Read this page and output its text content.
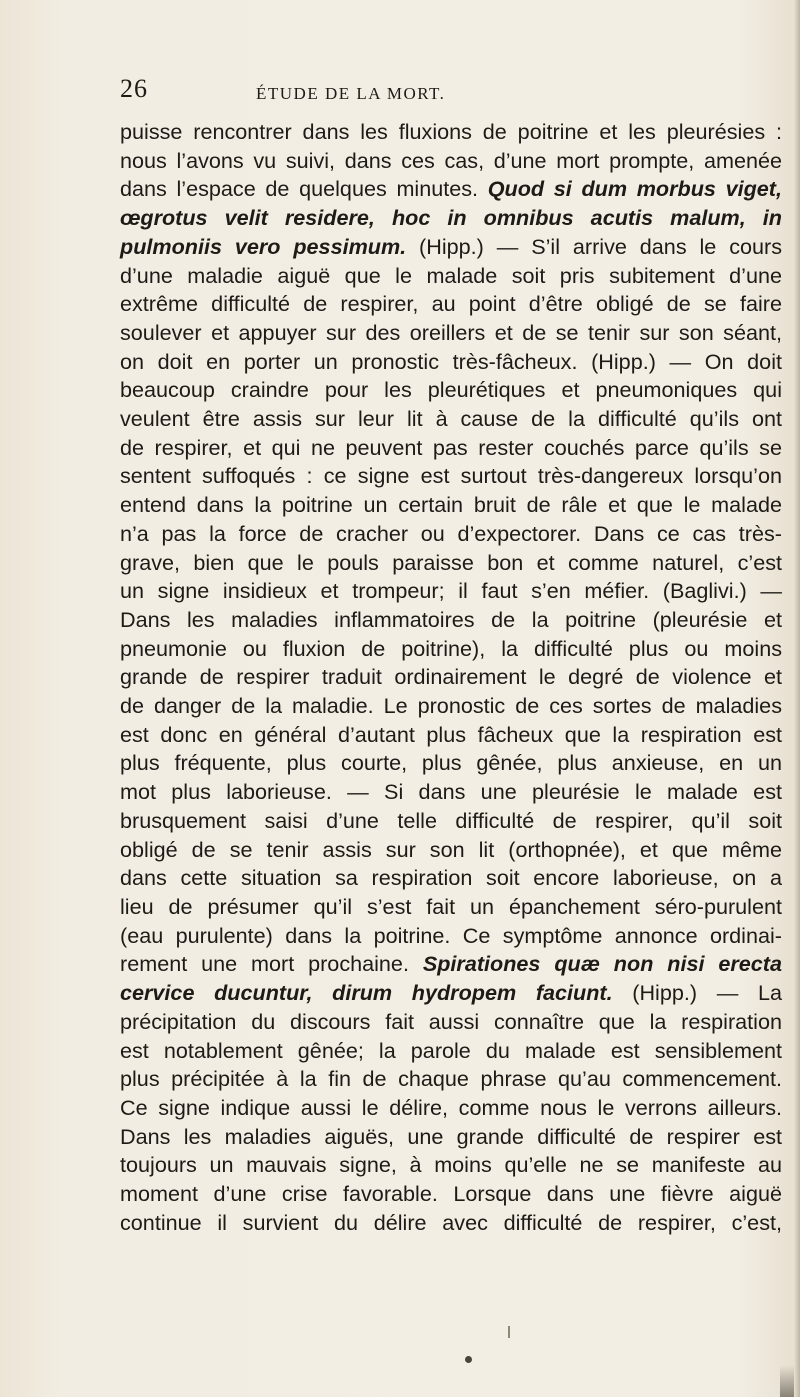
26	ÉTUDE DE LA MORT.
puisse rencontrer dans les fluxions de poitrine et les pleurésies :
nous l’avons vu suivi, dans ces cas, d’une mort prompte, amenée
dans l’espace de quelques minutes. Quod si dum morbus viget,
œgrotus velit residere, hoc in omnibus acutis malum, in
pulmoniis vero pessimum. (Hipp.) — S’il arrive dans le cours
d’une maladie aiguë que le malade soit pris subitement d’une
extrême difficulté de respirer, au point d’être obligé de se faire
soulever et appuyer sur des oreillers et de se tenir sur son séant,
on doit en porter un pronostic très-fâcheux. (Hipp.) — On doit
beaucoup craindre pour les pleurétiques et pneumoniques qui
veulent être assis sur leur lit à cause de la difficulté qu’ils ont
de respirer, et qui ne peuvent pas rester couchés parce qu’ils se
sentent suffoqués : ce signe est surtout très-dangereux lorsqu’on
entend dans la poitrine un certain bruit de râle et que le malade
n’a pas la force de cracher ou d’expectorer. Dans ce cas très-
grave, bien que le pouls paraisse bon et comme naturel, c’est
un signe insidieux et trompeur; il faut s’en méfier. (Baglivi.) —
Dans les maladies inflammatoires de la poitrine (pleurésie et
pneumonie ou fluxion de poitrine), la difficulté plus ou moins
grande de respirer traduit ordinairement le degré de violence et
de danger de la maladie. Le pronostic de ces sortes de maladies
est donc en général d’autant plus fâcheux que la respiration est
plus fréquente, plus courte, plus gênée, plus anxieuse, en un
mot plus laborieuse. — Si dans une pleurésie le malade est
brusquement saisi d’une telle difficulté de respirer, qu’il soit
obligé de se tenir assis sur son lit (orthopnée), et que même
dans cette situation sa respiration soit encore laborieuse, on a
lieu de présumer qu’il s’est fait un épanchement séro-purulent
(eau purulente) dans la poitrine. Ce symptôme annonce ordinai-
rement une mort prochaine. Spirationes quæ non nisi erecta
cervice ducuntur, dirum hydropem faciunt. (Hipp.) — La
précipitation du discours fait aussi connaître que la respiration
est notablement gênée; la parole du malade est sensiblement
plus précipitée à la fin de chaque phrase qu’au commencement.
Ce signe indique aussi le délire, comme nous le verrons ailleurs.
Dans les maladies aiguës, une grande difficulté de respirer est
toujours un mauvais signe, à moins qu’elle ne se manifeste au
moment d’une crise favorable. Lorsque dans une fièvre aiguë
continue il survient du délire avec difficulté de respirer, c’est,
